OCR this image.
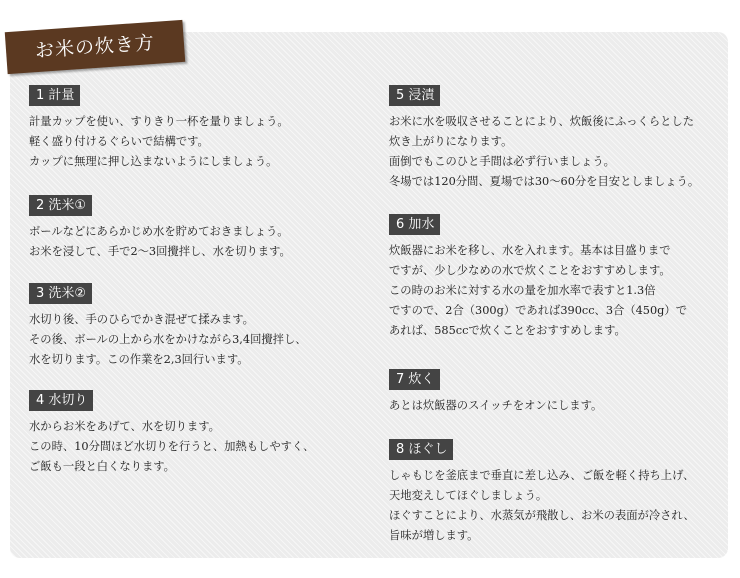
お米の炊き方
1 計量
計量カップを使い、すりきり一杯を量りましょう。
軽く盛り付けるぐらいで結構です。
カップに無理に押し込まないようにしましょう。
2 洗米①
ボールなどにあらかじめ水を貯めておきましょう。
お米を浸して、手で2～3回攪拌し、水を切ります。
3 洗米②
水切り後、手のひらでかき混ぜて揉みます。
その後、ボールの上から水をかけながら3,4回攪拌し、
水を切ります。この作業を2,3回行います。
4 水切り
水からお米をあげて、水を切ります。
この時、10分間ほど水切りを行うと、加熱もしやすく、
ご飯も一段と白くなります。
5 浸漬
お米に水を吸収させることにより、炊飯後にふっくらとした
炊き上がりになります。
面倒でもこのひと手間は必ず行いましょう。
冬場では120分間、夏場では30～60分を目安としましょう。
6 加水
炊飯器にお米を移し、水を入れます。基本は目盛りまで
ですが、少し少なめの水で炊くことをおすすめします。
この時のお米に対する水の量を加水率で表すと1.3倍
ですので、2合（300g）であれば390cc、3合（450g）で
あれば、585ccで炊くことをおすすめします。
7 炊く
あとは炊飯器のスイッチをオンにします。
8 ほぐし
しゃもじを釜底まで垂直に差し込み、ご飯を軽く持ち上げ、
天地変えしてほぐしましょう。
ほぐすことにより、水蒸気が飛散し、お米の表面が冷され、
旨味が増します。
